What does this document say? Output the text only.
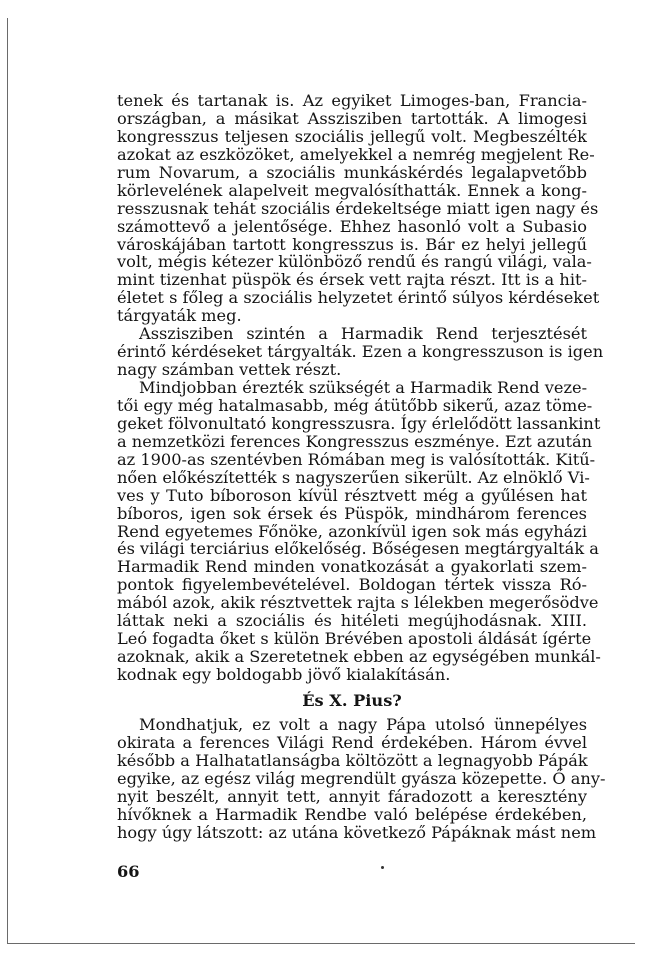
tenek és tartanak is. Az egyiket Limoges-ban, Francia-
országban, a másikat Asszisziben tartották. A limogesi
kongresszus teljesen szociális jellegű volt. Megbeszélték
azokat az eszközöket, amelyekkel a nemrég megjelent Re-
rum Novarum, a szociális munkáskérdés legalapvetőbb
körlevelének alapelveit megvalósíthatták. Ennek a kong-
resszusnak tehát szociális érdekeltsége miatt igen nagy és
számottevő a jelentősége. Ehhez hasonló volt a Subasio
városkájában tartott kongresszus is. Bár ez helyi jellegű
volt, mégis kétezer különböző rendű és rangú világi, vala-
mint tizenhat püspök és érsek vett rajta részt. Itt is a hit-
életet s főleg a szociális helyzetet érintő súlyos kérdéseket
tárgyaták meg.
Asszisziben szintén a Harmadik Rend terjesztését
érintő kérdéseket tárgyalták. Ezen a kongresszuson is igen
nagy számban vettek részt.
Mindjobban érezték szükségét a Harmadik Rend veze-
tői egy még hatalmasabb, még átütőbb sikerű, azaz töme-
geket fölvonultató kongresszusra. Így érlelődött lassankint
a nemzetközi ferences Kongresszus eszménye. Ezt azután
az 1900-as szentévben Rómában meg is valósították. Kitű-
nően előkészítették s nagyszerűen sikerült. Az elnöklő Vi-
ves y Tuto bíboroson kívül résztvett még a gyűlésen hat
bíboros, igen sok érsek és Püspök, mindhárom ferences
Rend egyetemes Főnöke, azonkívül igen sok más egyházi
és világi terciárius előkelőség. Bőségesen megtárgyalták a
Harmadik Rend minden vonatkozását a gyakorlati szem-
pontok figyelembevételével. Boldogan tértek vissza Ró-
mából azok, akik résztvettek rajta s lélekben megerősödve
láttak neki a szociális és hitéleti megújhodásnak. XIII.
Leó fogadta őket s külön Brévében apostoli áldását ígérte
azoknak, akik a Szeretetnek ebben az egységében munkál-
kodnak egy boldogabb jövő kialakításán.
És X. Pius?
Mondhatjuk, ez volt a nagy Pápa utolsó ünnepélyes
okirata a ferences Világi Rend érdekében. Három évvel
később a Halhatatlanságba költözött a legnagyobb Pápák
egyike, az egész világ megrendült gyásza közepette. Ő any-
nyit beszélt, annyit tett, annyit fáradozott a keresztény
hívőknek a Harmadik Rendbe való belépése érdekében,
hogy úgy látszott: az utána következő Pápáknak mást nem
66
